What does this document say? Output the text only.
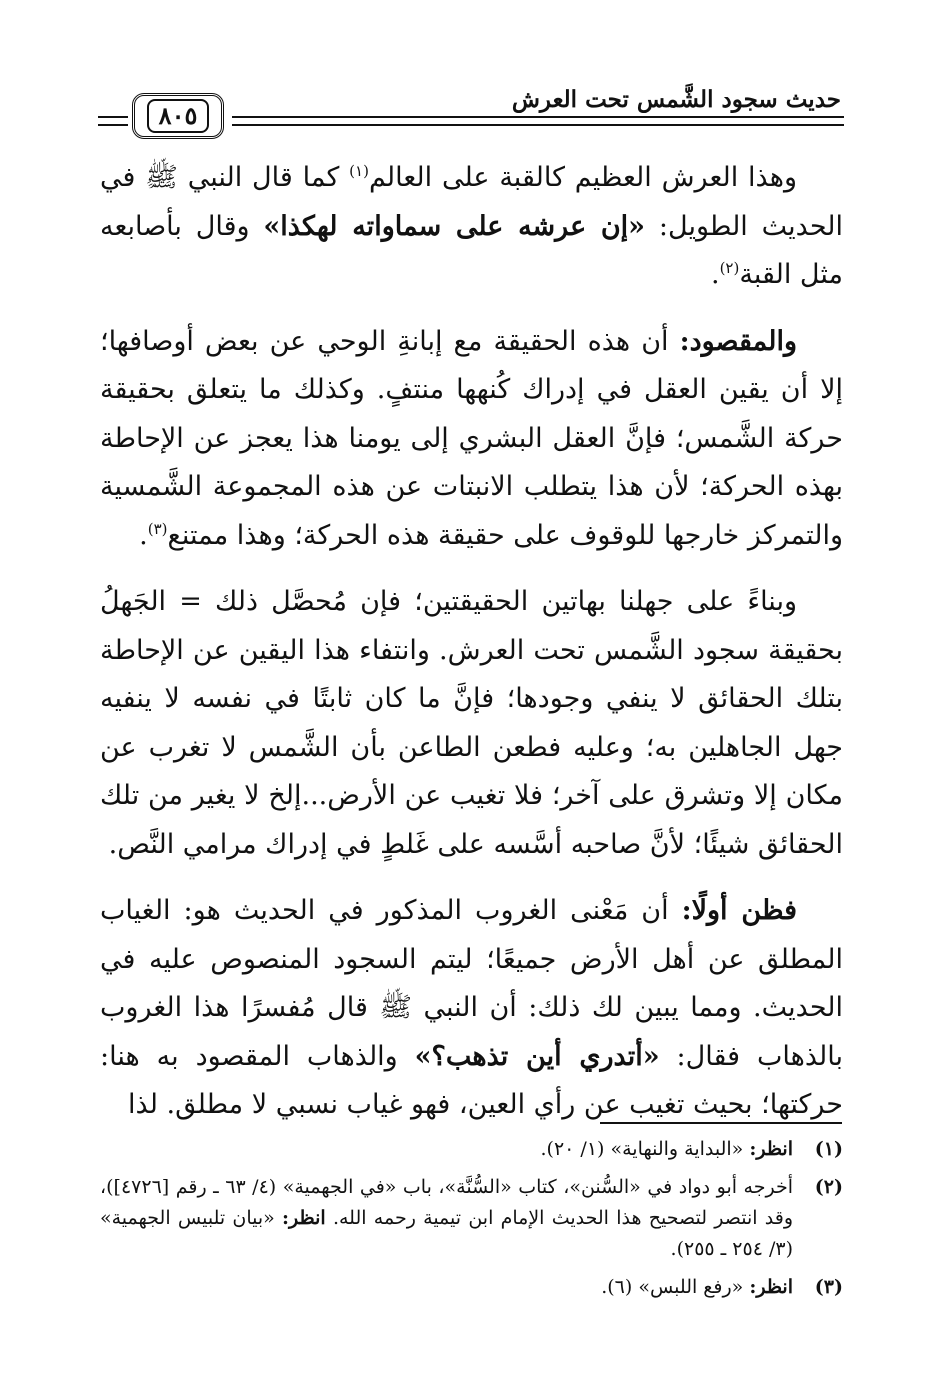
حديث سجود الشَّمس تحت العرش
٨٠٥

وهذا العرش العظيم كالقبة على العالم$^{(١)}$ كما قال النبي ﷺ في الحديث الطويل: «إن عرشه على سماواته لهكذا» وقال بأصابعه مثل القبة$^{(٢)}$.

والمقصود: أن هذه الحقيقة مع إبانةِ الوحي عن بعض أوصافها؛ إلا أن يقين العقل في إدراك كُنهها منتفٍ. وكذلك ما يتعلق بحقيقة حركة الشَّمس؛ فإنَّ العقل البشري إلى يومنا هذا يعجز عن الإحاطة بهذه الحركة؛ لأن هذا يتطلب الانبتات عن هذه المجموعة الشَّمسية والتمركز خارجها للوقوف على حقيقة هذه الحركة؛ وهذا ممتنع$^{(٣)}$.

وبناءً على جهلنا بهاتين الحقيقتين؛ فإن مُحصَّل ذلك = الجَهلُ بحقيقة سجود الشَّمس تحت العرش. وانتفاء هذا اليقين عن الإحاطة بتلك الحقائق لا ينفي وجودها؛ فإنَّ ما كان ثابتًا في نفسه لا ينفيه جهل الجاهلين به؛ وعليه فطعن الطاعن بأن الشَّمس لا تغرب عن مكان إلا وتشرق على آخر؛ فلا تغيب عن الأرض...إلخ لا يغير من تلك الحقائق شيئًا؛ لأنَّ صاحبه أسَّسه على غَلطٍ في إدراك مرامي النَّص.

فظن أولًا: أن مَعْنى الغروب المذكور في الحديث هو: الغياب المطلق عن أهل الأرض جميعًا؛ ليتم السجود المنصوص عليه في الحديث. ومما يبين لك ذلك: أن النبي ﷺ قال مُفسرًا هذا الغروب بالذهاب فقال: «أتدري أين تذهب؟» والذهاب المقصود به هنا: حركتها؛ بحيث تغيب عن رأي العين، فهو غياب نسبي لا مطلق. لذا

(١)
انظر: «البداية والنهاية» (١/ ٢٠).
(٢)
أخرجه أبو دواد في «السُّنن»، كتاب «السُّنَّة»، باب «في الجهمية» (٤/ ٦٣ ـ رقم [٤٧٢٦])، وقد انتصر لتصحيح هذا الحديث الإمام ابن تيمية رحمه الله. انظر: «بيان تلبيس الجهمية» (٣/ ٢٥٤ ـ ٢٥٥).
(٣)
انظر: «رفع اللبس» (٦).
